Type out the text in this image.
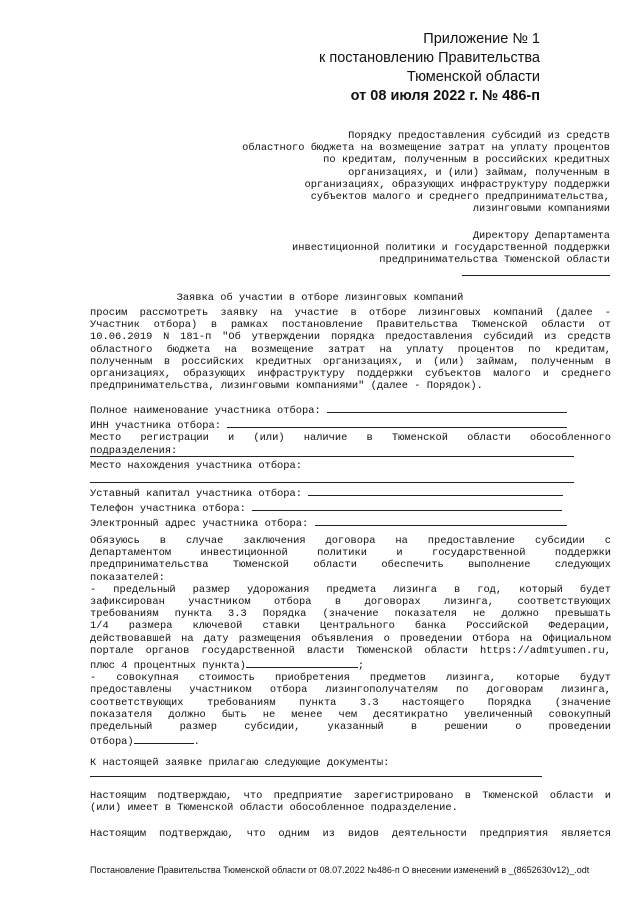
Приложение № 1
к постановлению Правительства
Тюменской области
от 08 июля 2022 г. № 486-п
Порядку предоставления субсидий из средств
областного бюджета на возмещение затрат на уплату процентов
по кредитам, полученным в российских кредитных
организациях, и (или) займам, полученным в
организациях, образующих инфраструктуру поддержки
субъектов малого и среднего предпринимательства,
лизинговыми компаниями
Директору Департамента
инвестиционной политики и государственной поддержки
предпринимательства Тюменской области
Заявка об участии в отборе лизинговых компаний
просим рассмотреть заявку на участие в отборе лизинговых компаний (далее -
Участник отбора) в рамках постановление Правительства Тюменской области от
10.06.2019 N 181-п "Об утверждении порядка предоставления субсидий из средств
областного бюджета на возмещение затрат на уплату процентов по кредитам,
полученным в российских кредитных организациях, и (или) займам, полученным в
организациях, образующих инфраструктуру поддержки субъектов малого и среднего
предпринимательства, лизинговыми компаниями" (далее - Порядок).
Полное наименование участника отбора:
ИНН участника отбора:
Место регистрации и (или) наличие в Тюменской области обособленного
подразделения:
Место нахождения участника отбора:
Уставный капитал участника отбора:
Телефон участника отбора:
Электронный адрес участника отбора:
Обязуюсь в случае заключения договора на предоставление субсидии с
Департаментом инвестиционной политики и государственной поддержки
предпринимательства Тюменской области обеспечить выполнение следующих
показателей:
- предельный размер удорожания предмета лизинга в год, который будет
зафиксирован участником отбора в договорах лизинга, соответствующих
требованиям пункта 3.3 Порядка (значение показателя не должно превышать
1/4 размера ключевой ставки Центрального банка Российской Федерации,
действовавшей на дату размещения объявления о проведении Отбора на Официальном
портале органов государственной власти Тюменской области https://admtyumen.ru,
плюс 4 процентных пункта)	;
- совокупная стоимость приобретения предметов лизинга, которые будут
предоставлены участником отбора лизингополучателям по договорам лизинга,
соответствующих требованиям пункта 3.3 настоящего Порядка (значение
показателя должно быть не менее чем десятикратно увеличенный совокупный
предельный размер субсидии, указанный в решении о проведении
Отбора)	.
К настоящей заявке прилагаю следующие документы:
Настоящим подтверждаю, что предприятие зарегистрировано в Тюменской области и
(или) имеет в Тюменской области обособленное подразделение.
Настоящим подтверждаю, что одним из видов деятельности предприятия является
Постановление Правительства Тюменской области от 08.07.2022 №486-п О внесении изменений в _(8652630v12)_.odt
